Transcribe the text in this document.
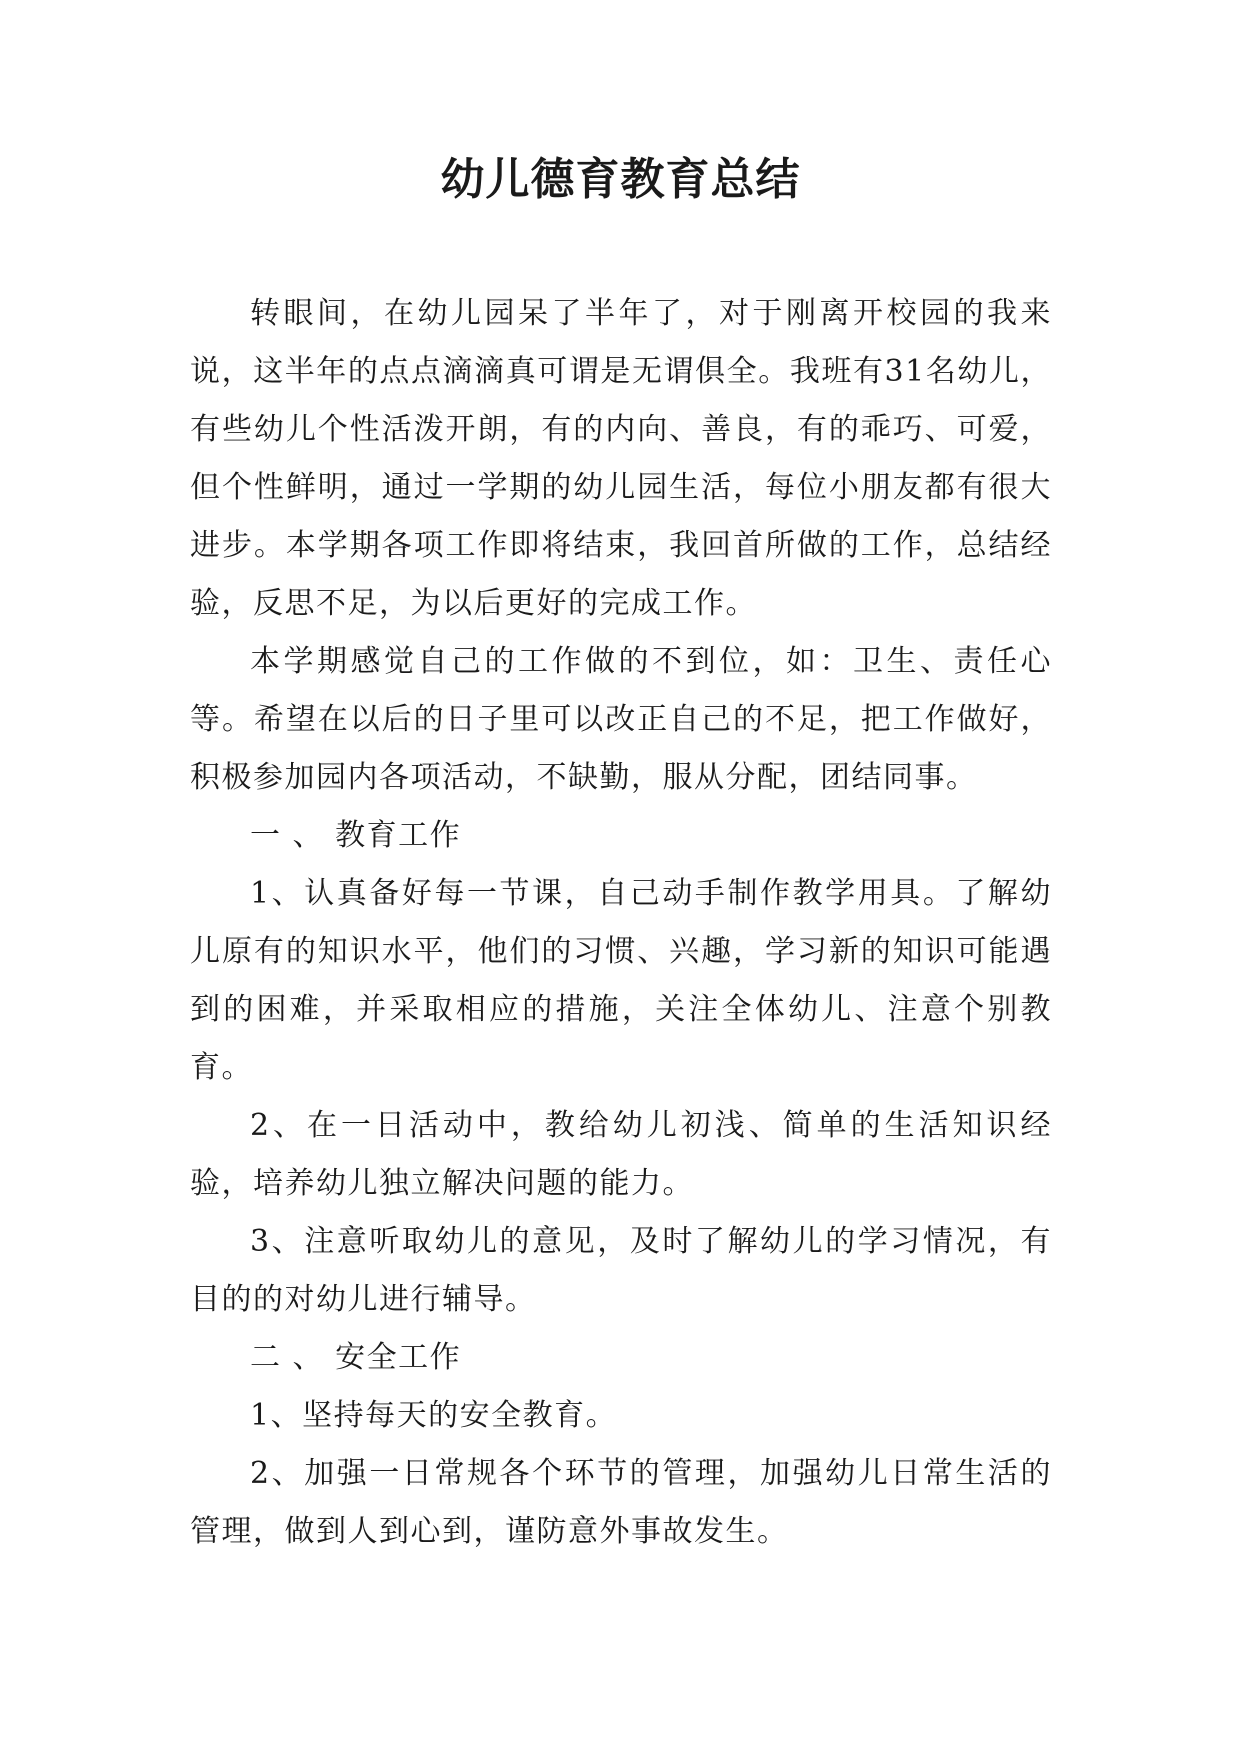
幼儿德育教育总结

转眼间，在幼儿园呆了半年了，对于刚离开校园的我来说，这半年的点点滴滴真可谓是无谓俱全。我班有31名幼儿，有些幼儿个性活泼开朗，有的内向、善良，有的乖巧、可爱，但个性鲜明，通过一学期的幼儿园生活，每位小朋友都有很大进步。本学期各项工作即将结束，我回首所做的工作，总结经验，反思不足，为以后更好的完成工作。

本学期感觉自己的工作做的不到位，如：卫生、责任心等。希望在以后的日子里可以改正自己的不足，把工作做好，积极参加园内各项活动，不缺勤，服从分配，团结同事。

一 、 教育工作

1、认真备好每一节课，自己动手制作教学用具。了解幼儿原有的知识水平，他们的习惯、兴趣，学习新的知识可能遇到的困难，并采取相应的措施，关注全体幼儿、注意个别教育。

2、在一日活动中，教给幼儿初浅、简单的生活知识经验，培养幼儿独立解决问题的能力。

3、注意听取幼儿的意见，及时了解幼儿的学习情况，有目的的对幼儿进行辅导。

二 、 安全工作

1、坚持每天的安全教育。

2、加强一日常规各个环节的管理，加强幼儿日常生活的管理，做到人到心到，谨防意外事故发生。
